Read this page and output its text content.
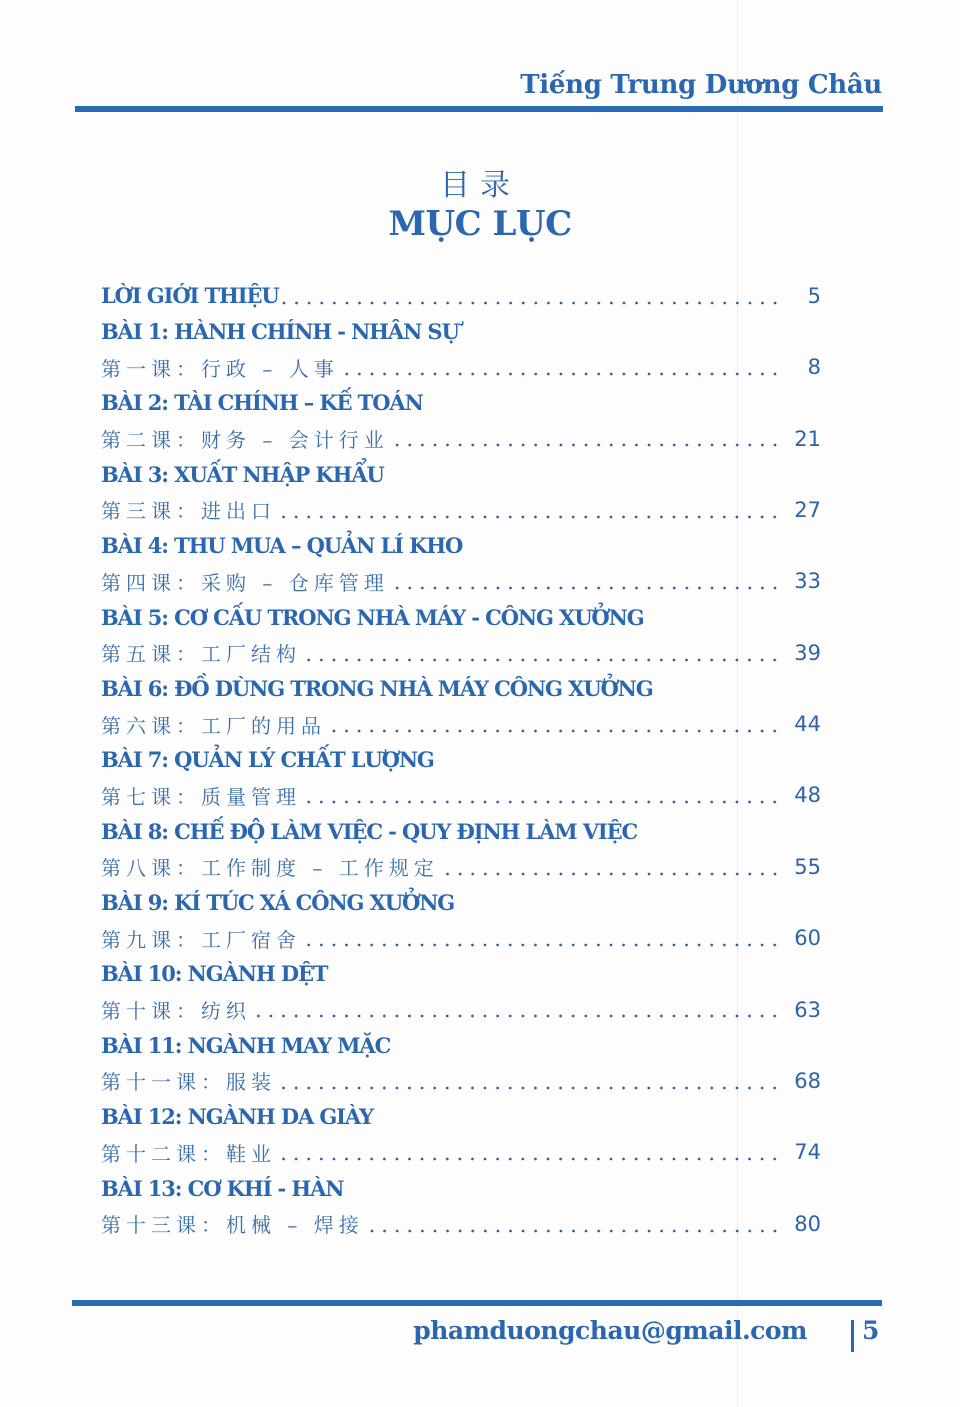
Tiếng Trung Dương Châu
目录
MỤC LỤC
LỜI GIỚI THIỆU	5
BÀI 1: HÀNH CHÍNH - NHÂN SỰ
第一课：行政 – 人事	8
BÀI 2: TÀI CHÍNH – KẾ TOÁN
第二课：财务 – 会计行业	21
BÀI 3: XUẤT NHẬP KHẨU
第三课：进出口	27
BÀI 4: THU MUA – QUẢN LÍ KHO
第四课：采购 – 仓库管理	33
BÀI 5: CƠ CẤU TRONG NHÀ MÁY - CÔNG XƯỞNG
第五课：工厂结构	39
BÀI 6: ĐỒ DÙNG TRONG NHÀ MÁY CÔNG XƯỞNG
第六课：工厂的用品	44
BÀI 7: QUẢN LÝ CHẤT LƯỢNG
第七课：质量管理	48
BÀI 8: CHẾ ĐỘ LÀM VIỆC - QUY ĐỊNH LÀM VIỆC
第八课：工作制度 – 工作规定	55
BÀI 9: KÍ TÚC XÁ CÔNG XƯỞNG
第九课：工厂宿舍	60
BÀI 10: NGÀNH DỆT
第十课：纺织	63
BÀI 11: NGÀNH MAY MẶC
第十一课：服装	68
BÀI 12: NGÀNH DA GIÀY
第十二课：鞋业	74
BÀI 13: CƠ KHÍ - HÀN
第十三课：机械 – 焊接	80
phamduongchau@gmail.com 5
